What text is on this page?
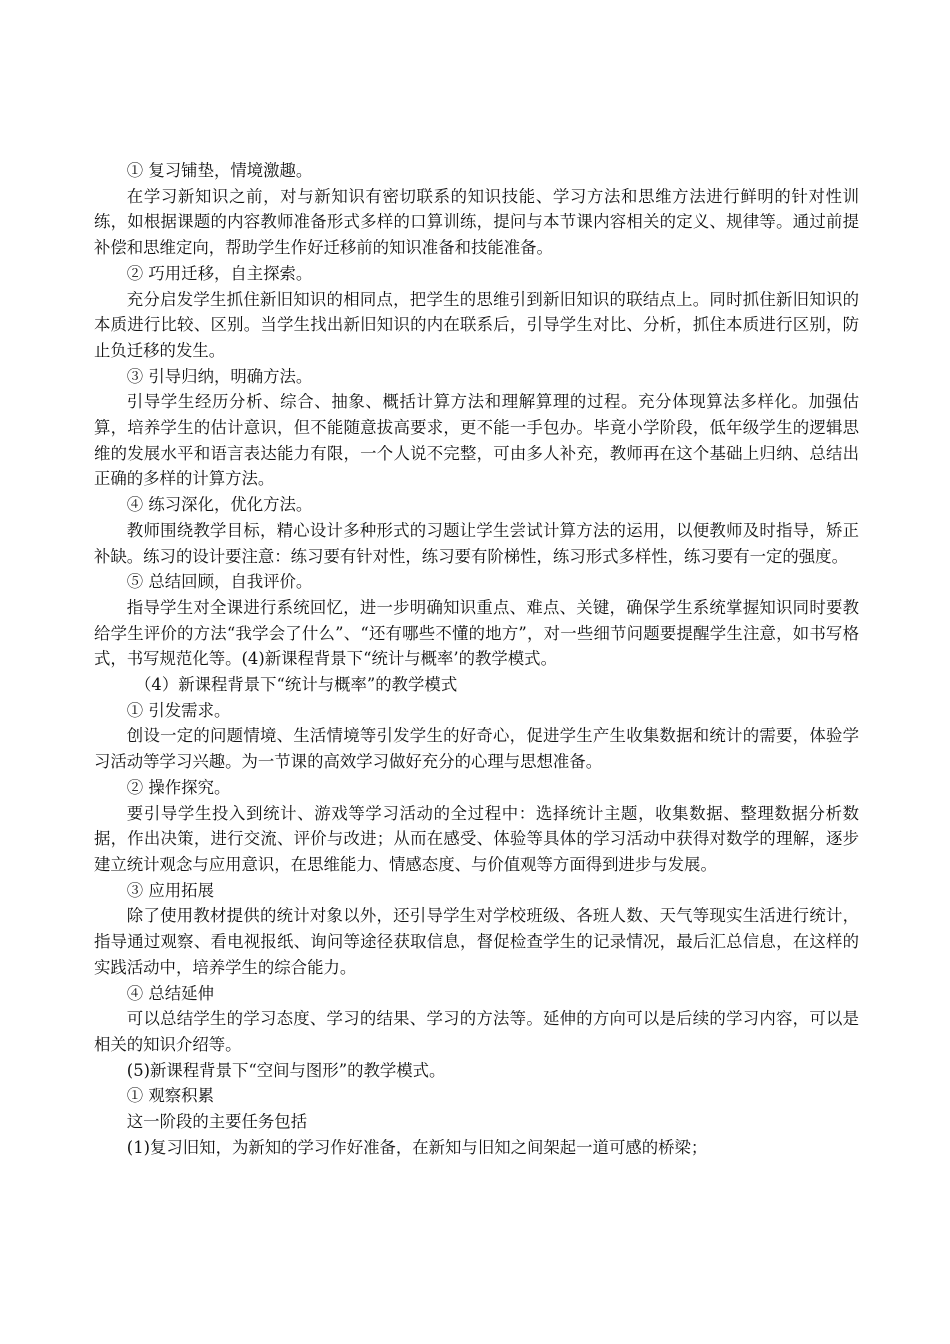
① 复习铺垫，情境激趣。

在学习新知识之前，对与新知识有密切联系的知识技能、学习方法和思维方法进行鲜明的针对性训练，如根据课题的内容教师准备形式多样的口算训练，提问与本节课内容相关的定义、规律等。通过前提补偿和思维定向，帮助学生作好迁移前的知识准备和技能准备。

② 巧用迁移，自主探索。

充分启发学生抓住新旧知识的相同点，把学生的思维引到新旧知识的联结点上。同时抓住新旧知识的本质进行比较、区别。当学生找出新旧知识的内在联系后，引导学生对比、分析，抓住本质进行区别，防止负迁移的发生。

③ 引导归纳，明确方法。

引导学生经历分析、综合、抽象、概括计算方法和理解算理的过程。充分体现算法多样化。加强估算，培养学生的估计意识，但不能随意拔高要求，更不能一手包办。毕竟小学阶段，低年级学生的逻辑思维的发展水平和语言表达能力有限，一个人说不完整，可由多人补充，教师再在这个基础上归纳、总结出正确的多样的计算方法。

④ 练习深化，优化方法。

教师围绕教学目标，精心设计多种形式的习题让学生尝试计算方法的运用，以便教师及时指导，矫正补缺。练习的设计要注意：练习要有针对性，练习要有阶梯性，练习形式多样性，练习要有一定的强度。

⑤ 总结回顾，自我评价。

指导学生对全课进行系统回忆，进一步明确知识重点、难点、关键，确保学生系统掌握知识同时要教给学生评价的方法“我学会了什么”、“还有哪些不懂的地方”，对一些细节问题要提醒学生注意，如书写格式，书写规范化等。(4)新课程背景下“统计与概率’的教学模式。

（4）新课程背景下“统计与概率”的教学模式

① 引发需求。

创设一定的问题情境、生活情境等引发学生的好奇心，促进学生产生收集数据和统计的需要，体验学习活动等学习兴趣。为一节课的高效学习做好充分的心理与思想准备。

② 操作探究。

要引导学生投入到统计、游戏等学习活动的全过程中：选择统计主题，收集数据、整理数据分析数据，作出决策，进行交流、评价与改进；从而在感受、体验等具体的学习活动中获得对数学的理解，逐步建立统计观念与应用意识，在思维能力、情感态度、与价值观等方面得到进步与发展。

③ 应用拓展

除了使用教材提供的统计对象以外，还引导学生对学校班级、各班人数、天气等现实生活进行统计，指导通过观察、看电视报纸、询问等途径获取信息，督促检查学生的记录情况，最后汇总信息，在这样的实践活动中，培养学生的综合能力。

④ 总结延伸

可以总结学生的学习态度、学习的结果、学习的方法等。延伸的方向可以是后续的学习内容，可以是相关的知识介绍等。

(5)新课程背景下“空间与图形”的教学模式。

① 观察积累

这一阶段的主要任务包括

(1)复习旧知，为新知的学习作好准备，在新知与旧知之间架起一道可感的桥梁；
